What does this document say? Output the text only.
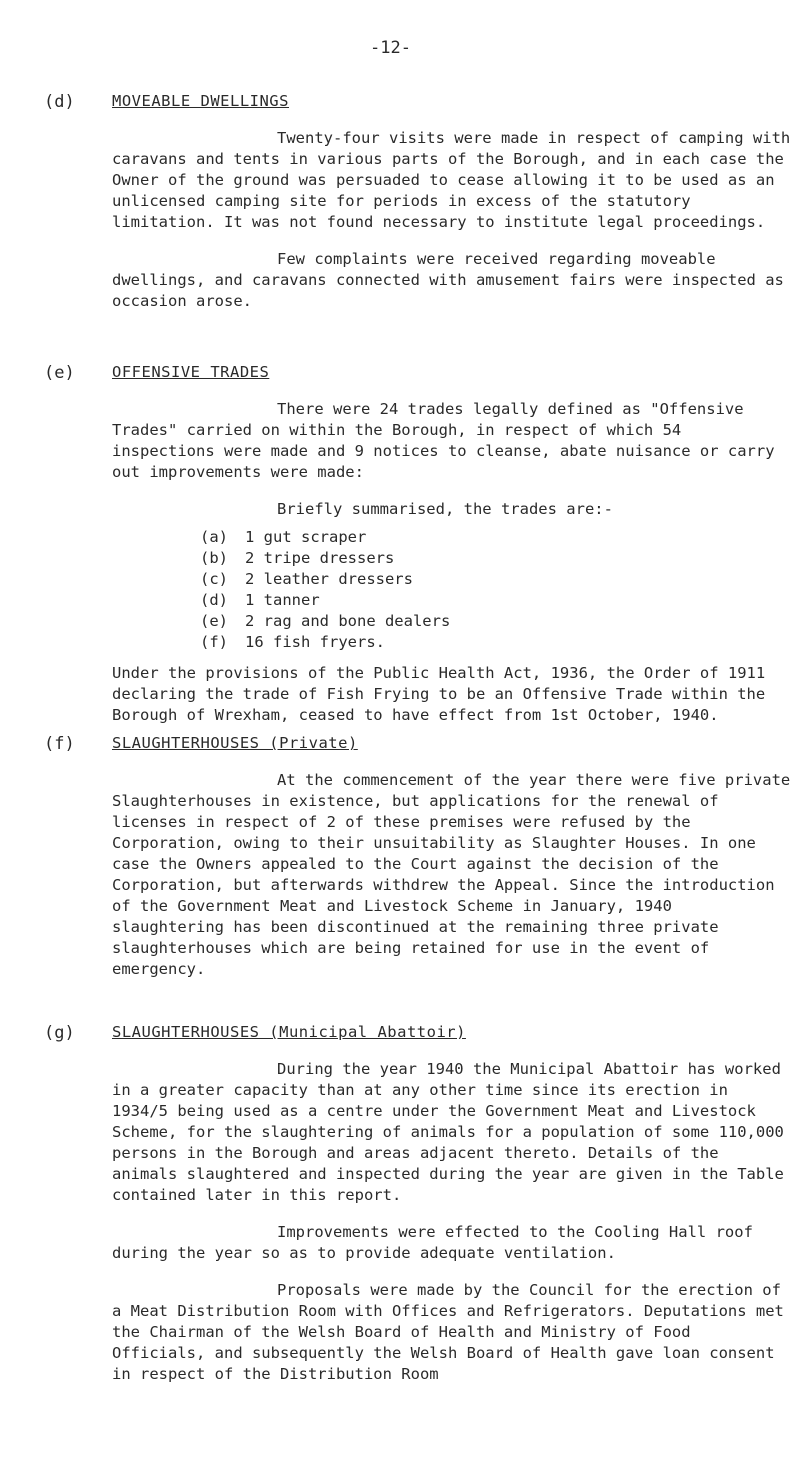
-12-
(d) MOVEABLE DWELLINGS

Twenty-four visits were made in respect of camping with caravans and tents in various parts of the Borough, and in each case the Owner of the ground was persuaded to cease allowing it to be used as an unlicensed camping site for periods in excess of the statutory limitation. It was not found necessary to institute legal proceedings.

Few complaints were received regarding moveable dwellings, and caravans connected with amusement fairs were inspected as occasion arose.

(e) OFFENSIVE TRADES

There were 24 trades legally defined as "Offensive Trades" carried on within the Borough, in respect of which 54 inspections were made and 9 notices to cleanse, abate nuisance or carry out improvements were made:

Briefly summarised, the trades are:-

(a)	1 gut scraper
(b)	2 tripe dressers
(c)	2 leather dressers
(d)	1 tanner
(e)	2 rag and bone dealers
(f)	16 fish fryers.

Under the provisions of the Public Health Act, 1936, the Order of 1911 declaring the trade of Fish Frying to be an Offensive Trade within the Borough of Wrexham, ceased to have effect from 1st October, 1940.

(f) SLAUGHTERHOUSES (Private)

At the commencement of the year there were five private Slaughterhouses in existence, but applications for the renewal of licenses in respect of 2 of these premises were refused by the Corporation, owing to their unsuitability as Slaughter Houses. In one case the Owners appealed to the Court against the decision of the Corporation, but afterwards withdrew the Appeal. Since the introduction of the Government Meat and Livestock Scheme in January, 1940 slaughtering has been discontinued at the remaining three private slaughterhouses which are being retained for use in the event of emergency.

(g) SLAUGHTERHOUSES (Municipal Abattoir)

During the year 1940 the Municipal Abattoir has worked in a greater capacity than at any other time since its erection in 1934/5 being used as a centre under the Government Meat and Livestock Scheme, for the slaughtering of animals for a population of some 110,000 persons in the Borough and areas adjacent thereto. Details of the animals slaughtered and inspected during the year are given in the Table contained later in this report.

Improvements were effected to the Cooling Hall roof during the year so as to provide adequate ventilation.

Proposals were made by the Council for the erection of a Meat Distribution Room with Offices and Refrigerators. Deputations met the Chairman of the Welsh Board of Health and Ministry of Food Officials, and subsequently the Welsh Board of Health gave loan consent in respect of the Distribution Room
